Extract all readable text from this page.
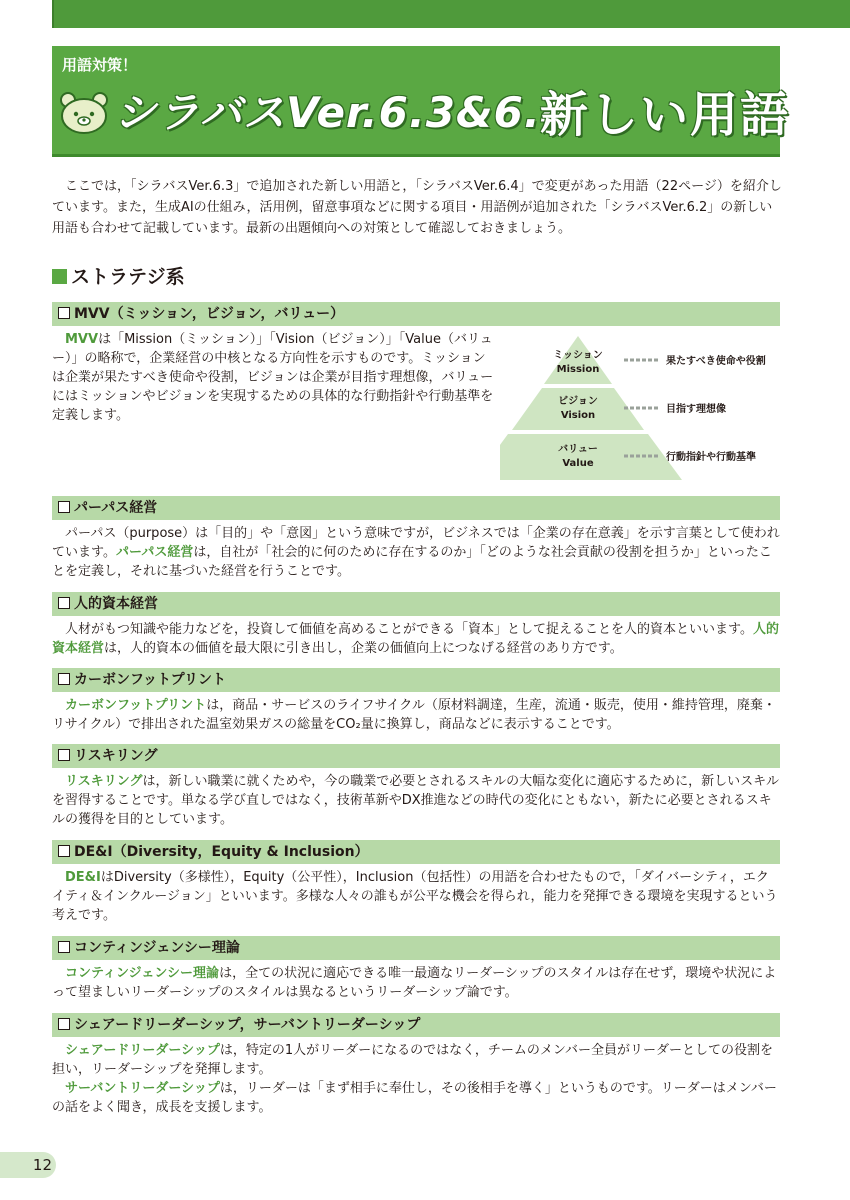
用語対策！
シラバスVer.6.3&6.4
新しい用語
ここでは，「シラバスVer.6.3」で追加された新しい用語と，「シラバスVer.6.4」で変更があった用語（22ページ）を紹介しています。また，生成AIの仕組み，活用例，留意事項などに関する項目・用語例が追加された「シラバスVer.6.2」の新しい用語も合わせて記載しています。最新の出題傾向への対策として確認しておきましょう。
ストラテジ系
MVV（ミッション，ビジョン，バリュー）

MVVは「Mission（ミッション）」「Vision（ビジョン）」「Value（バリュー）」の略称で，企業経営の中核となる方向性を示すものです。ミッションは企業が果たすべき使命や役割，ビジョンは企業が目指す理想像，バリューにはミッションやビジョンを実現するための具体的な行動指針や行動基準を定義します。

ミッション
Mission
ビジョン
Vision
バリュー
Value
果たすべき使命や役割
目指す理想像
行動指針や行動基準
パーパス経営

パーパス（purpose）は「目的」や「意図」という意味ですが，ビジネスでは「企業の存在意義」を示す言葉として使われています。パーパス経営は，自社が「社会的に何のために存在するのか」「どのような社会貢献の役割を担うか」といったことを定義し，それに基づいた経営を行うことです。

人的資本経営

人材がもつ知識や能力などを，投資して価値を高めることができる「資本」として捉えることを人的資本といいます。人的資本経営は，人的資本の価値を最大限に引き出し，企業の価値向上につなげる経営のあり方です。

カーボンフットプリント

カーボンフットプリントは，商品・サービスのライフサイクル（原材料調達，生産，流通・販売，使用・維持管理，廃棄・リサイクル）で排出された温室効果ガスの総量をCO₂量に換算し，商品などに表示することです。

リスキリング

リスキリングは，新しい職業に就くためや，今の職業で必要とされるスキルの大幅な変化に適応するために，新しいスキルを習得することです。単なる学び直しではなく，技術革新やDX推進などの時代の変化にともない，新たに必要とされるスキルの獲得を目的としています。

DE&I（Diversity，Equity & Inclusion）

DE&IはDiversity（多様性），Equity（公平性），Inclusion（包括性）の用語を合わせたもので，「ダイバーシティ，エクイティ＆インクルージョン」といいます。多様な人々の誰もが公平な機会を得られ，能力を発揮できる環境を実現するという考えです。

コンティンジェンシー理論

コンティンジェンシー理論は，全ての状況に適応できる唯一最適なリーダーシップのスタイルは存在せず，環境や状況によって望ましいリーダーシップのスタイルは異なるというリーダーシップ論です。

シェアードリーダーシップ，サーバントリーダーシップ

シェアードリーダーシップは，特定の1人がリーダーになるのではなく，チームのメンバー全員がリーダーとしての役割を担い，リーダーシップを発揮します。

サーバントリーダーシップは，リーダーは「まず相手に奉仕し，その後相手を導く」というものです。リーダーはメンバーの話をよく聞き，成長を支援します。

12
